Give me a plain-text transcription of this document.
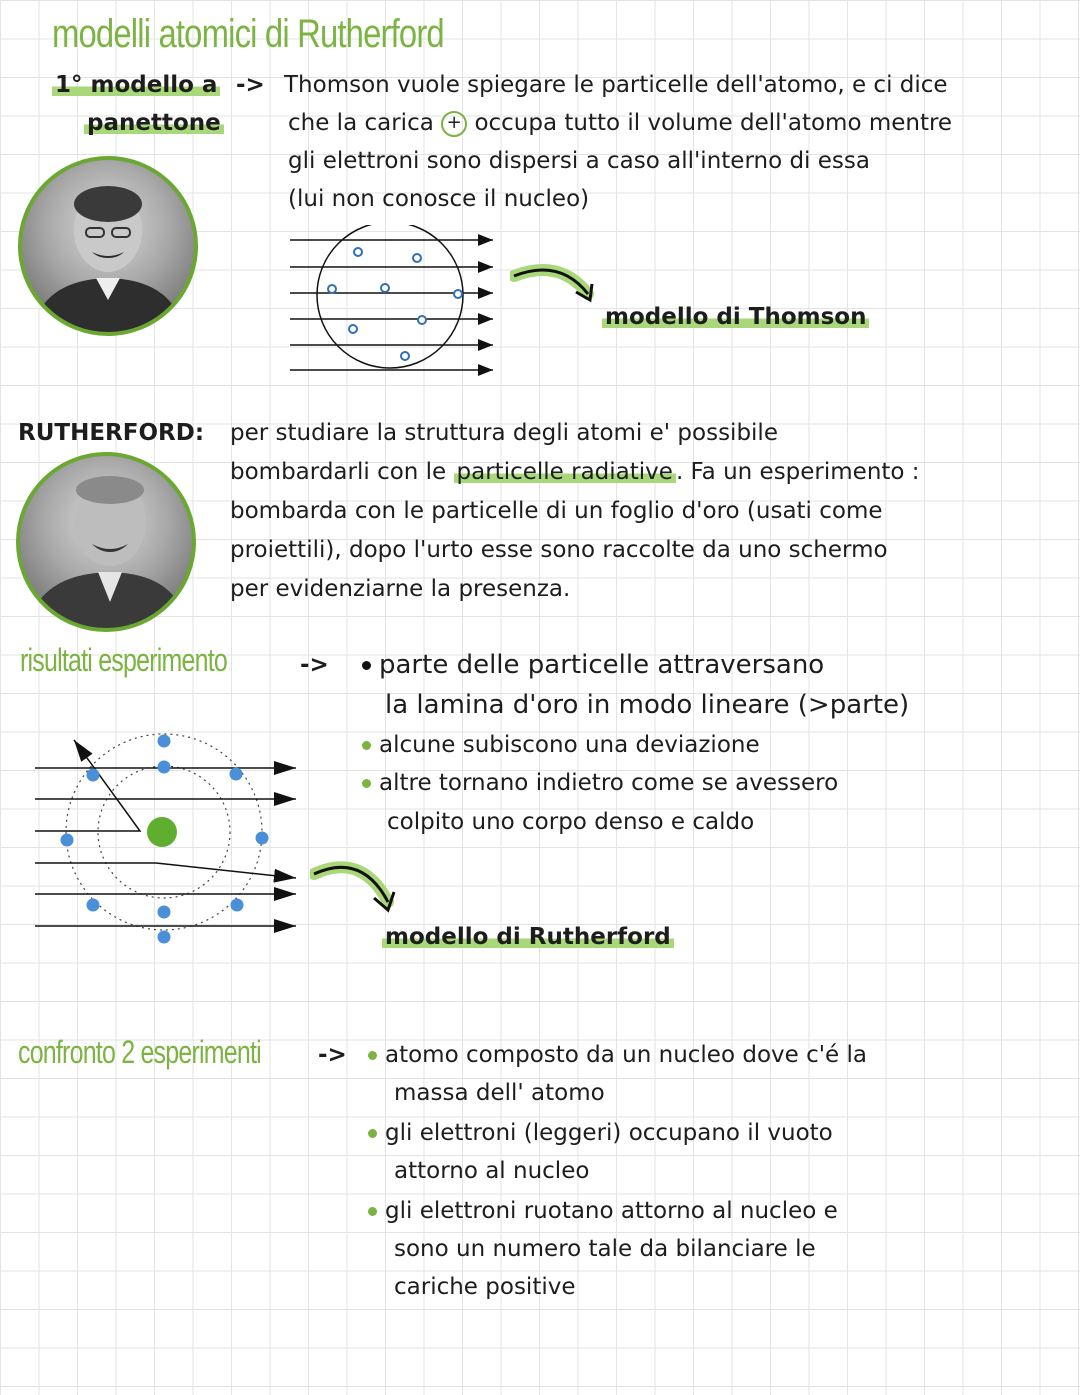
modelli atomici di Rutherford
1° modello a
panettone
-> Thomson vuole spiegare le particelle dell'atomo, e ci dice
che la carica + occupa tutto il volume dell'atomo mentre
gli elettroni sono dispersi a caso all'interno di essa
(lui non conosce il nucleo)
modello di Thomson
RUTHERFORD: per studiare la struttura degli atomi e' possibile
bombardarli con le particelle radiative . Fa un esperimento :
bombarda con le particelle di un foglio d'oro (usati come
proiettili), dopo l'urto esse sono raccolte da uno schermo
per evidenziarne la presenza.
risultati esperimento	->	parte delle particelle attraversano
la lamina d'oro in modo lineare (>parte)
alcune subiscono una deviazione
altre tornano indietro come se avessero
colpito uno corpo denso e caldo
modello di Rutherford
confronto 2 esperimenti ->	atomo composto da un nucleo dove c'é la
massa dell' atomo
gli elettroni (leggeri) occupano il vuoto
attorno al nucleo
gli elettroni ruotano attorno al nucleo e
sono un numero tale da bilanciare le
cariche positive
